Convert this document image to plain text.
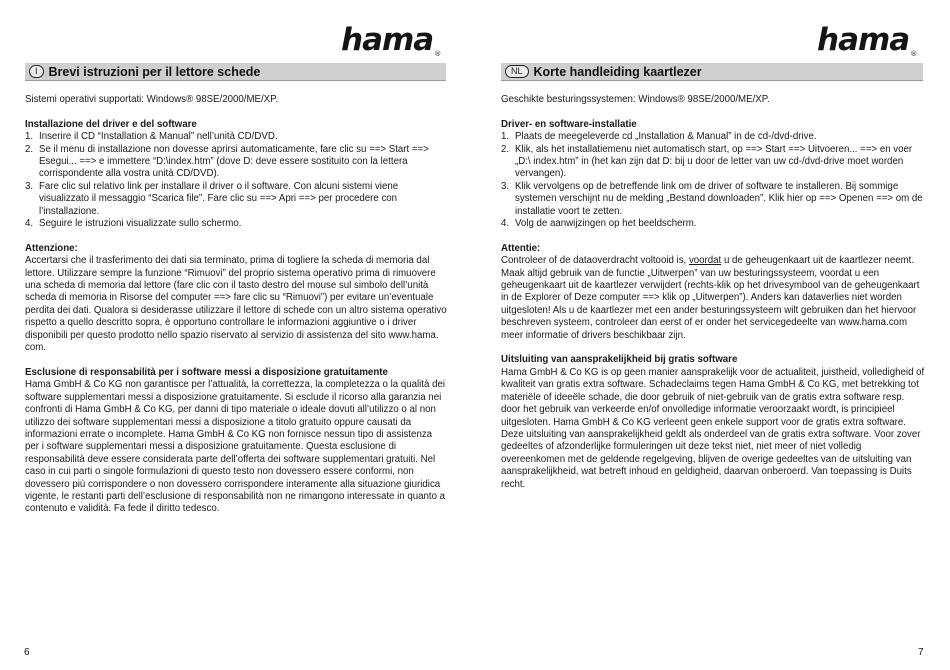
hama®
I Brevi istruzioni per il lettore schede

Sistemi operativi supportati: Windows® 98SE/2000/ME/XP.

Installazione del driver e del software

1. Inserire il CD “Installation & Manual” nell’unità CD/DVD.
2. Se il menu di installazione non dovesse aprirsi automaticamente, fare clic su ==> Start ==> Esegui... ==> e immettere “D:\index.htm” (dove D: deve essere sostituito con la lettera corrispondente alla vostra unità CD/DVD).
3. Fare clic sul relativo link per installare il driver o il software. Con alcuni sistemi viene visualizzato il messaggio “Scarica file”. Fare clic su ==> Apri ==> per procedere con l’installazione.
4. Seguire le istruzioni visualizzate sullo schermo.

Attenzione:

Accertarsi che il trasferimento dei dati sia terminato, prima di togliere la scheda di memoria dal lettore. Utilizzare sempre la funzione “Rimuovi” del proprio sistema operativo prima di rimuovere una scheda di memoria dal lettore (fare clic con il tasto destro del mouse sul simbolo dell’unità scheda di memoria in Risorse del computer ==> fare clic su “Rimuovi”) per evitare un’eventuale perdita dei dati. Qualora si desiderasse utilizzare il lettore di schede con un altro sistema operativo rispetto a quello descritto sopra, è opportuno controllare le informazioni aggiuntive o i driver disponibili per questo prodotto nello spazio riservato al servizio di assistenza del sito www.hama. com.

Esclusione di responsabilità per i software messi a disposizione gratuitamente

Hama GmbH & Co KG non garantisce per l’attualità, la correttezza, la completezza o la qualità dei software supplementari messi a disposizione gratuitamente. Si esclude il ricorso alla garanzia nei confronti di Hama GmbH & Co KG, per danni di tipo materiale o ideale dovuti all’utilizzo o al non utilizzo dei software supplementari messi a disposizione a titolo gratuito oppure causati da informazioni errate o incomplete. Hama GmbH & Co KG non fornisce nessun tipo di assistenza per i software supplementari messi a disposizione gratuitamente. Questa esclusione di responsabilità deve essere considerata parte dell’offerta dei software supplementari gratuiti. Nel caso in cui parti o singole formulazioni di questo testo non dovessero essere conformi, non dovessero più corrispondere o non dovessero corrispondere interamente alla situazione giuridica vigente, le restanti parti dell’esclusione di responsabilità non ne rimangono interessate in quanto a contenuto e validità. Fa fede il diritto tedesco.

6
hama®
NL Korte handleiding kaartlezer

Geschikte besturingssystemen: Windows® 98SE/2000/ME/XP.

Driver- en software-installatie

1. Plaats de meegeleverde cd „Installation & Manual” in de cd-/dvd-drive.
2. Klik, als het installatiemenu niet automatisch start, op ==> Start ==> Uitvoeren... ==> en voer „D:\ index.htm” in (het kan zijn dat D: bij u door de letter van uw cd-/dvd-drive moet worden vervangen).
3. Klik vervolgens op de betreffende link om de driver of software te installeren. Bij sommige systemen verschijnt nu de melding „Bestand downloaden”. Klik hier op ==> Openen ==> om de installatie voort te zetten.
4. Volg de aanwijzingen op het beeldscherm.

Attentie:

Controleer of de dataoverdracht voltooid is, voordat u de geheugenkaart uit de kaartlezer neemt. Maak altijd gebruik van de functie „Uitwerpen” van uw besturingssysteem, voordat u een geheugenkaart uit de kaartlezer verwijdert (rechts-klik op het drivesymbool van de geheugenkaart in de Explorer of Deze computer ==> klik op „Uitwerpen”). Anders kan dataverlies niet worden uitgesloten! Als u de kaartlezer met een ander besturingssysteem wilt gebruiken dan het hiervoor beschreven systeem, controleer dan eerst of er onder het servicegedeelte van www.hama.com meer informatie of drivers beschikbaar zijn.

Uitsluiting van aansprakelijkheid bij gratis software

Hama GmbH & Co KG is op geen manier aansprakelijk voor de actualiteit, juistheid, volledigheid of kwaliteit van gratis extra software. Schadeclaims tegen Hama GmbH & Co KG, met betrekking tot materiële of ideeële schade, die door gebruik of niet-gebruik van de gratis extra software resp. door het gebruik van verkeerde en/of onvolledige informatie veroorzaakt wordt, is principieel uitgesloten. Hama GmbH & Co KG verleent geen enkele support voor de gratis extra software. Deze uitsluiting van aansprakelijkheid geldt als onderdeel van de gratis extra software. Voor zover gedeeltes of afzonderlijke formuleringen uit deze tekst niet, niet meer of niet volledig overeenkomen met de geldende regelgeving, blijven de overige gedeeltes van de uitsluiting van aansprakelijkheid, wat betreft inhoud en geldigheid, daarvan onberoerd. Van toepassing is Duits recht.

7
